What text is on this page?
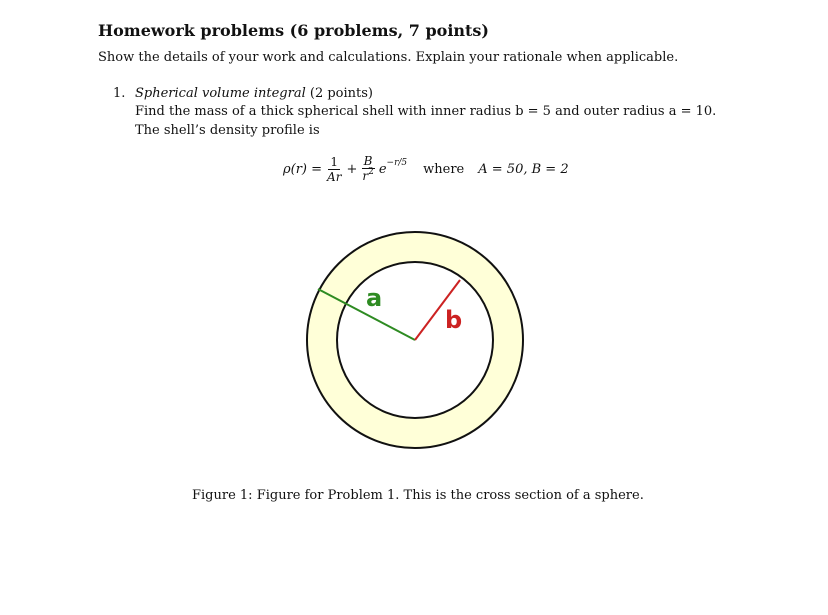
Homework problems (6 problems, 7 points)
Show the details of your work and calculations. Explain your rationale when applicable.
1. Spherical volume integral (2 points)
Find the mass of a thick spherical shell with inner radius b = 5 and outer radius a = 10. The shell’s density profile is
$\rho(r) = \frac{1}{Ar} + \frac{B}{r^2}$ e −r/5 where A = 50, B = 2
a
b
Figure 1: Figure for Problem 1. This is the cross section of a sphere.
